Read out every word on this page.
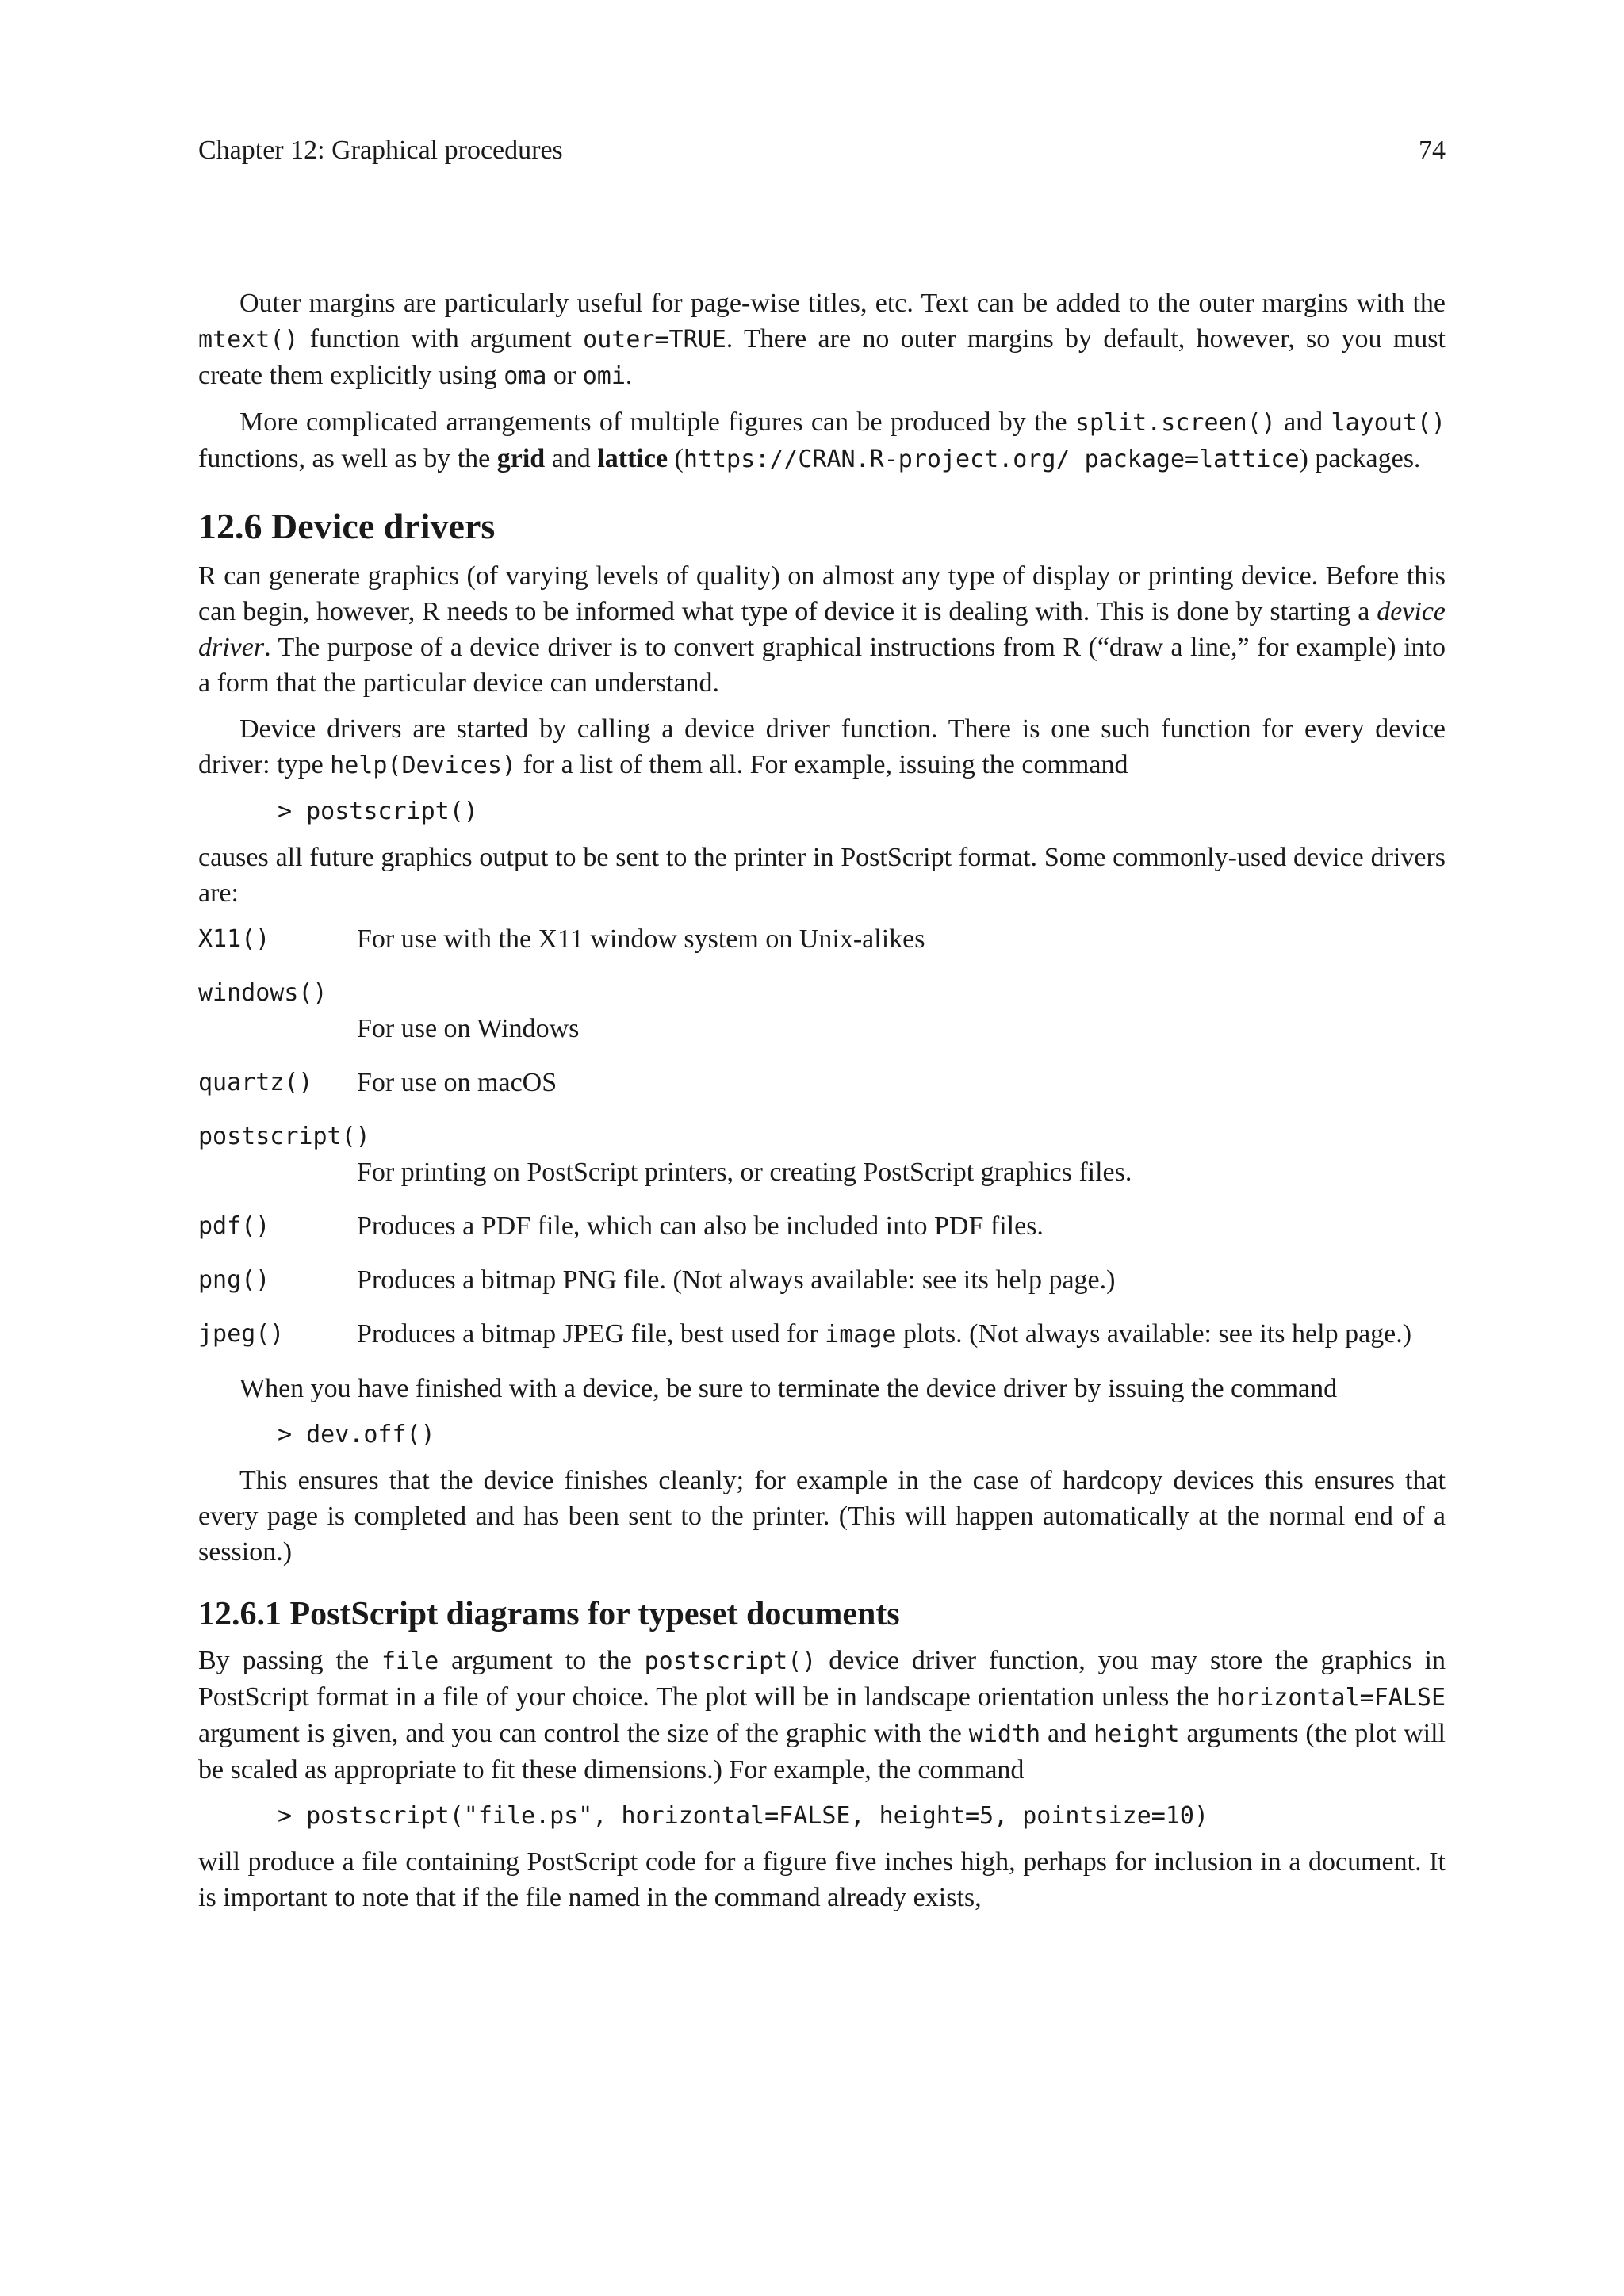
Chapter 12: Graphical procedures	74

Outer margins are particularly useful for page-wise titles, etc. Text can be added to the outer margins with the mtext() function with argument outer=TRUE. There are no outer margins by default, however, so you must create them explicitly using oma or omi.

More complicated arrangements of multiple figures can be produced by the split.screen() and layout() functions, as well as by the grid and lattice (https://CRAN.R-project.org/ package=lattice) packages.

12.6 Device drivers

R can generate graphics (of varying levels of quality) on almost any type of display or printing device. Before this can begin, however, R needs to be informed what type of device it is dealing with. This is done by starting a device driver. The purpose of a device driver is to convert graphical instructions from R (“draw a line,” for example) into a form that the particular device can understand.

Device drivers are started by calling a device driver function. There is one such function for every device driver: type help(Devices) for a list of them all. For example, issuing the command

> postscript()

causes all future graphics output to be sent to the printer in PostScript format. Some commonly-used device drivers are:

X11()	For use with the X11 window system on Unix-alikes
windows()
For use on Windows
quartz()	For use on macOS
postscript()
For printing on PostScript printers, or creating PostScript graphics files.
pdf()	Produces a PDF file, which can also be included into PDF files.
png()	Produces a bitmap PNG file. (Not always available: see its help page.)
jpeg()	Produces a bitmap JPEG file, best used for image plots. (Not always available: see its help page.)

When you have finished with a device, be sure to terminate the device driver by issuing the command

> dev.off()

This ensures that the device finishes cleanly; for example in the case of hardcopy devices this ensures that every page is completed and has been sent to the printer. (This will happen automatically at the normal end of a session.)

12.6.1 PostScript diagrams for typeset documents

By passing the file argument to the postscript() device driver function, you may store the graphics in PostScript format in a file of your choice. The plot will be in landscape orientation unless the horizontal=FALSE argument is given, and you can control the size of the graphic with the width and height arguments (the plot will be scaled as appropriate to fit these dimensions.) For example, the command

> postscript("file.ps", horizontal=FALSE, height=5, pointsize=10)

will produce a file containing PostScript code for a figure five inches high, perhaps for inclusion in a document. It is important to note that if the file named in the command already exists,
